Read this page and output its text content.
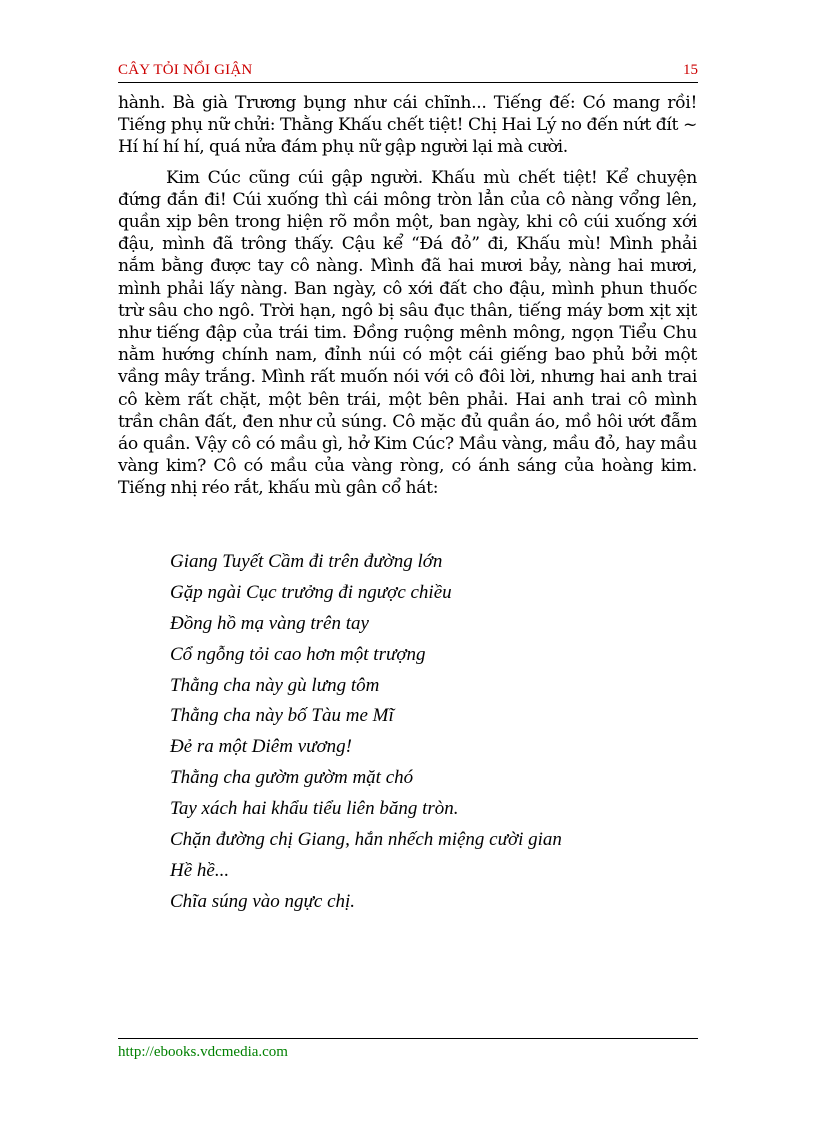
CÂY TỎI NỔI GIẬN	15

hành. Bà già Trương bụng như cái chĩnh... Tiếng đế: Có mang rồi! Tiếng phụ nữ chửi: Thằng Khấu chết tiệt! Chị Hai Lý no đến nứt đít ~ Hí hí hí hí, quá nửa đám phụ nữ gập người lại mà cười.

Kim Cúc cũng cúi gập người. Khấu mù chết tiệt! Kể chuyện đứng đắn đi! Cúi xuống thì cái mông tròn lẳn của cô nàng vổng lên, quần xịp bên trong hiện rõ mồn một, ban ngày, khi cô cúi xuống xới đậu, mình đã trông thấy. Cậu kể “Đá đỏ” đi, Khấu mù! Mình phải nắm bằng được tay cô nàng. Mình đã hai mươi bảy, nàng hai mươi, mình phải lấy nàng. Ban ngày, cô xới đất cho đậu, mình phun thuốc trừ sâu cho ngô. Trời hạn, ngô bị sâu đục thân, tiếng máy bơm xịt xịt như tiếng đập của trái tim. Đồng ruộng mênh mông, ngọn Tiểu Chu nằm hướng chính nam, đỉnh núi có một cái giếng bao phủ bởi một vầng mây trắng. Mình rất muốn nói với cô đôi lời, nhưng hai anh trai cô kèm rất chặt, một bên trái, một bên phải. Hai anh trai cô mình trần chân đất, đen như củ súng. Cô mặc đủ quần áo, mồ hôi ướt đẫm áo quần. Vậy cô có mầu gì, hở Kim Cúc? Mầu vàng, mầu đỏ, hay mầu vàng kim? Cô có mầu của vàng ròng, có ánh sáng của hoàng kim. Tiếng nhị réo rắt, khấu mù gân cổ hát:

Giang Tuyết Cầm đi trên đường lớn
Gặp ngài Cục trưởng đi ngược chiều
Đồng hồ mạ vàng trên tay
Cổ ngỗng tỏi cao hơn một trượng
Thằng cha này gù lưng tôm
Thằng cha này bố Tàu me Mĩ
Đẻ ra một Diêm vương!
Thằng cha gườm gườm mặt chó
Tay xách hai khẩu tiểu liên băng tròn.
Chặn đường chị Giang, hắn nhếch miệng cười gian
Hề hề...
Chĩa súng vào ngực chị.
http://ebooks.vdcmedia.com
